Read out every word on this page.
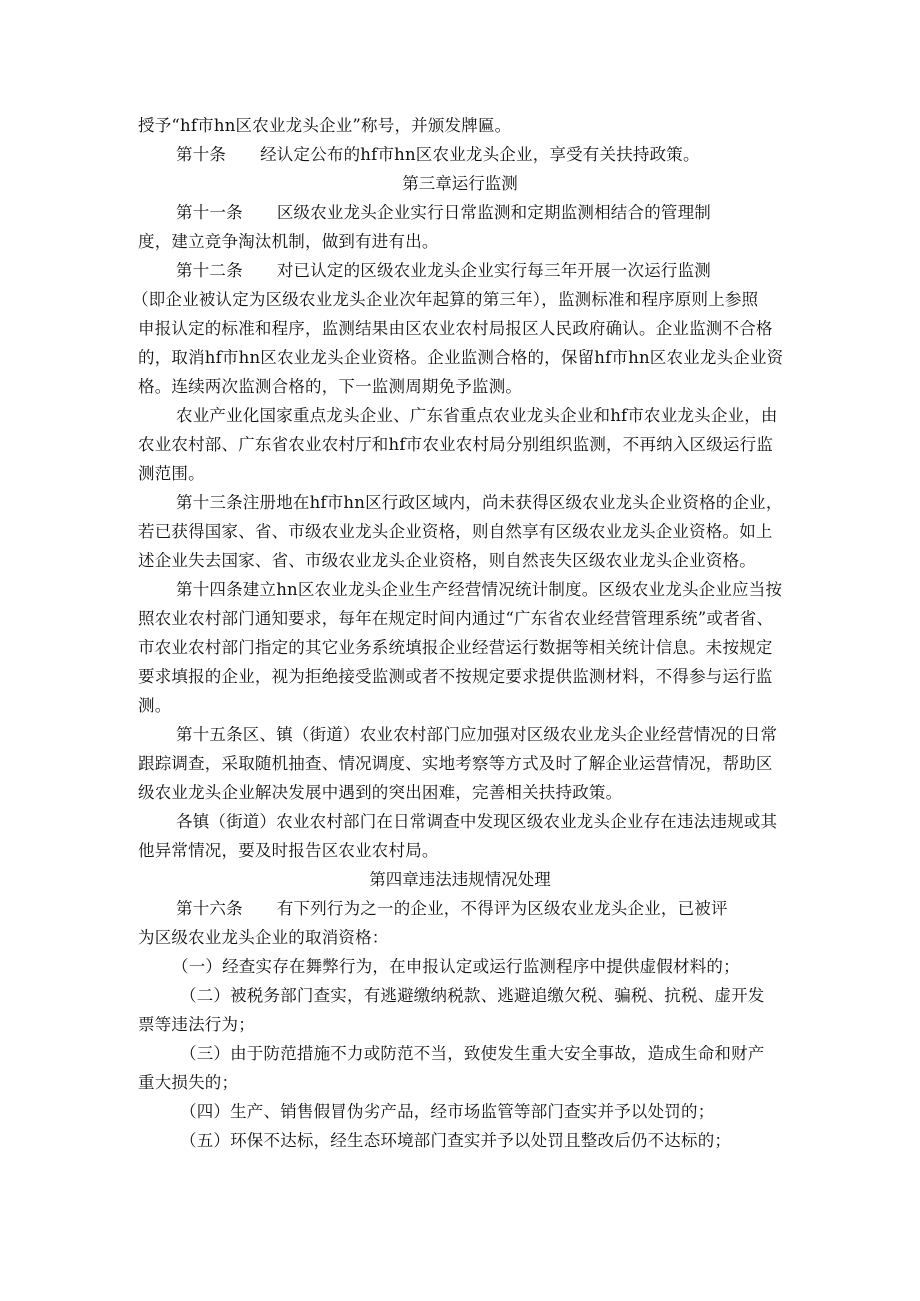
授予“hf市hn区农业龙头企业”称号，并颁发牌匾。
第十条 经认定公布的hf市hn区农业龙头企业，享受有关扶持政策。
第三章运行监测
第十一条 区级农业龙头企业实行日常监测和定期监测相结合的管理制
度，建立竞争淘汰机制，做到有进有出。
第十二条 对已认定的区级农业龙头企业实行每三年开展一次运行监测
（即企业被认定为区级农业龙头企业次年起算的第三年），监测标准和程序原则上参照
申报认定的标准和程序，监测结果由区农业农村局报区人民政府确认。企业监测不合格
的，取消hf市hn区农业龙头企业资格。企业监测合格的，保留hf市hn区农业龙头企业资
格。连续两次监测合格的，下一监测周期免予监测。
农业产业化国家重点龙头企业、广东省重点农业龙头企业和hf市农业龙头企业，由
农业农村部、广东省农业农村厅和hf市农业农村局分别组织监测，不再纳入区级运行监
测范围。
第十三条注册地在hf市hn区行政区域内，尚未获得区级农业龙头企业资格的企业，
若已获得国家、省、市级农业龙头企业资格，则自然享有区级农业龙头企业资格。如上
述企业失去国家、省、市级农业龙头企业资格，则自然丧失区级农业龙头企业资格。
第十四条建立hn区农业龙头企业生产经营情况统计制度。区级农业龙头企业应当按
照农业农村部门通知要求，每年在规定时间内通过“广东省农业经营管理系统”或者省、
市农业农村部门指定的其它业务系统填报企业经营运行数据等相关统计信息。未按规定
要求填报的企业，视为拒绝接受监测或者不按规定要求提供监测材料，不得参与运行监
测。
第十五条区、镇（街道）农业农村部门应加强对区级农业龙头企业经营情况的日常
跟踪调查，采取随机抽查、情况调度、实地考察等方式及时了解企业运营情况，帮助区
级农业龙头企业解决发展中遇到的突出困难，完善相关扶持政策。
各镇（街道）农业农村部门在日常调查中发现区级农业龙头企业存在违法违规或其
他异常情况，要及时报告区农业农村局。
第四章违法违规情况处理
第十六条 有下列行为之一的企业，不得评为区级农业龙头企业，已被评
为区级农业龙头企业的取消资格：
（一）经查实存在舞弊行为，在申报认定或运行监测程序中提供虚假材料的；
（二）被税务部门查实，有逃避缴纳税款、逃避追缴欠税、骗税、抗税、虚开发
票等违法行为；
（三）由于防范措施不力或防范不当，致使发生重大安全事故，造成生命和财产
重大损失的；
（四）生产、销售假冒伪劣产品，经市场监管等部门查实并予以处罚的；
（五）环保不达标，经生态环境部门查实并予以处罚且整改后仍不达标的；
